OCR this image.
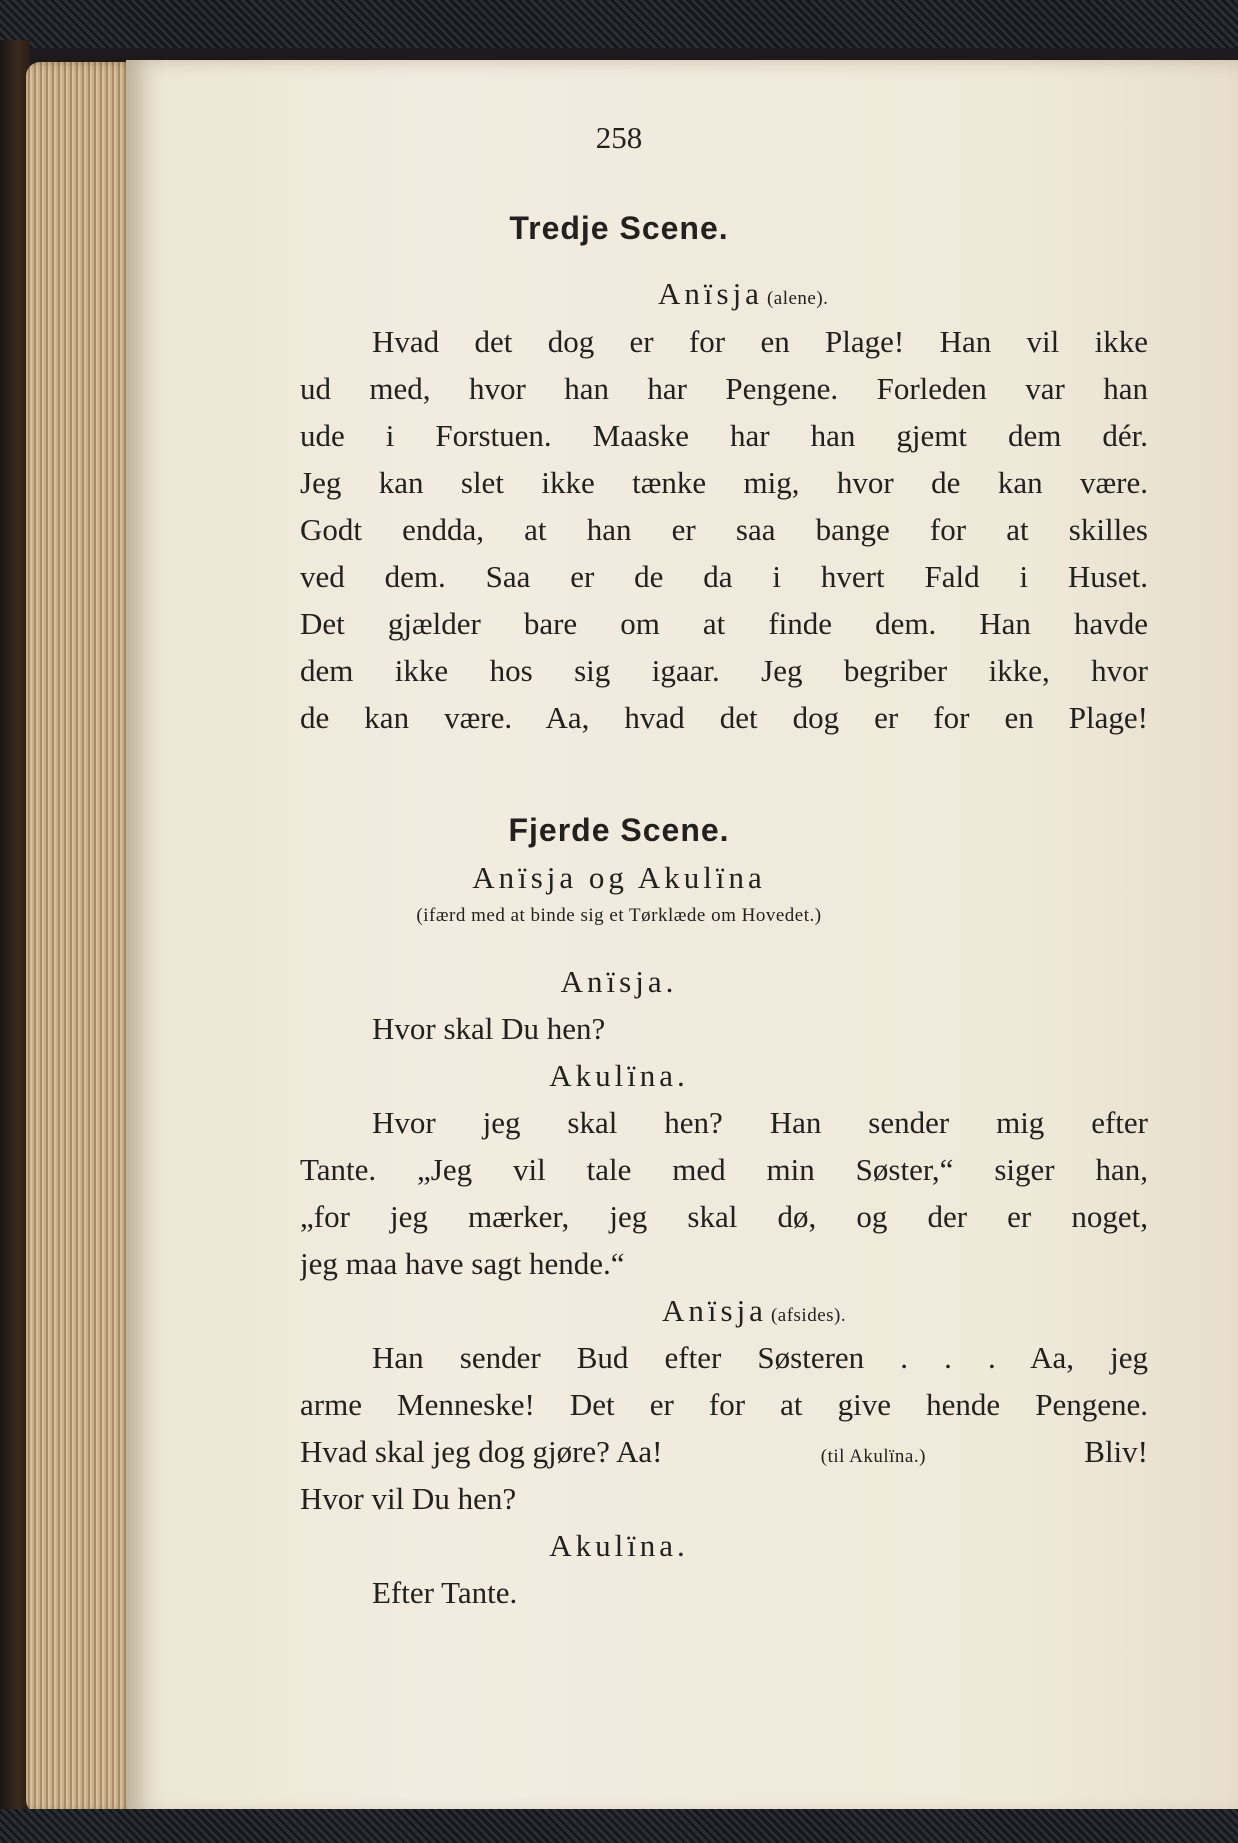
258
Tredje Scene.
Anïsja (alene).
Hvad det dog er for en Plage! Han vil ikke
ud med, hvor han har Pengene. Forleden var han
ude i Forstuen. Maaske har han gjemt dem dér.
Jeg kan slet ikke tænke mig, hvor de kan være.
Godt endda, at han er saa bange for at skilles
ved dem. Saa er de da i hvert Fald i Huset.
Det gjælder bare om at finde dem. Han havde
dem ikke hos sig igaar. Jeg begriber ikke, hvor
de kan være. Aa, hvad det dog er for en Plage!
Fjerde Scene.
Anïsja og Akulïna
(ifærd med at binde sig et Tørklæde om Hovedet.)
Anïsja.
Hvor skal Du hen?
Akulïna.
Hvor jeg skal hen? Han sender mig efter
Tante. „Jeg vil tale med min Søster,“ siger han,
„for jeg mærker, jeg skal dø, og der er noget,
jeg maa have sagt hende.“
Anïsja (afsides).
Han sender Bud efter Søsteren . . . Aa, jeg
arme Menneske! Det er for at give hende Pengene.
Hvad skal jeg dog gjøre? Aa!	(til Akulïna.)	Bliv!
Hvor vil Du hen?
Akulïna.
Efter Tante.
